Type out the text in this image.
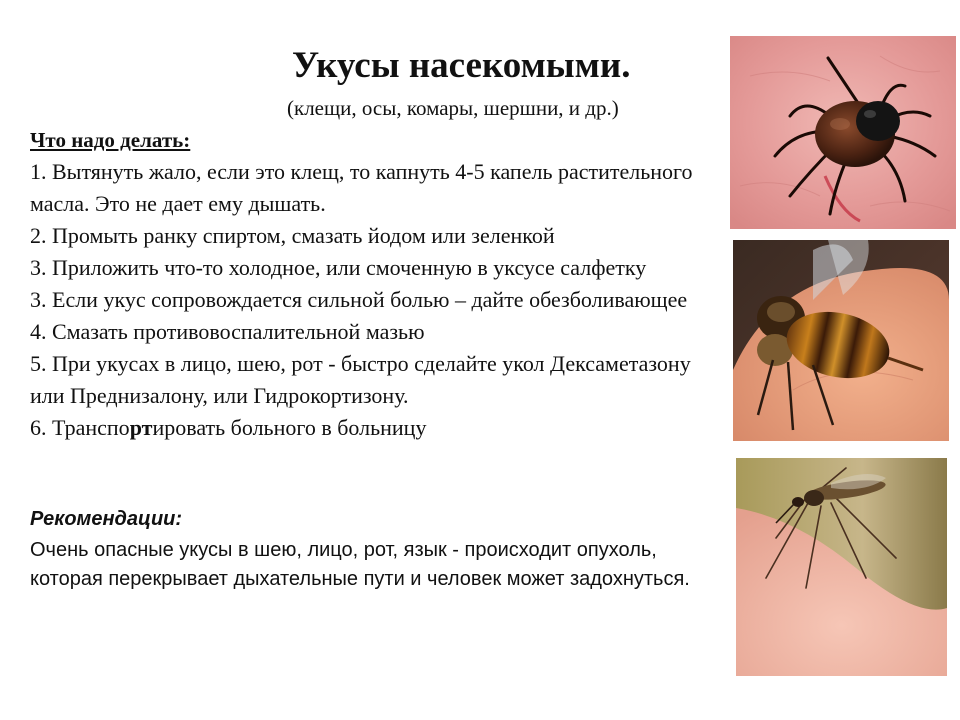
Укусы насекомыми.
(клещи, осы, комары, шершни, и др.)
Что надо делать:
1. Вытянуть жало, если это клещ, то капнуть 4-5 капель растительного масла. Это не дает ему дышать.
2. Промыть ранку спиртом, смазать йодом или зеленкой
3. Приложить что-то холодное, или смоченную в уксусе салфетку
3. Если укус сопровождается сильной болью – дайте обезболивающее
4. Смазать противовоспалительной мазью
5. При укусах в лицо, шею, рот - быстро сделайте укол Дексаметазону или Преднизалону, или Гидрокортизону.
6. Транспортировать больного в больницу
Рекомендации:
Очень опасные укусы в шею, лицо, рот, язык - происходит опухоль, которая перекрывает дыхательные пути и человек может задохнуться.
